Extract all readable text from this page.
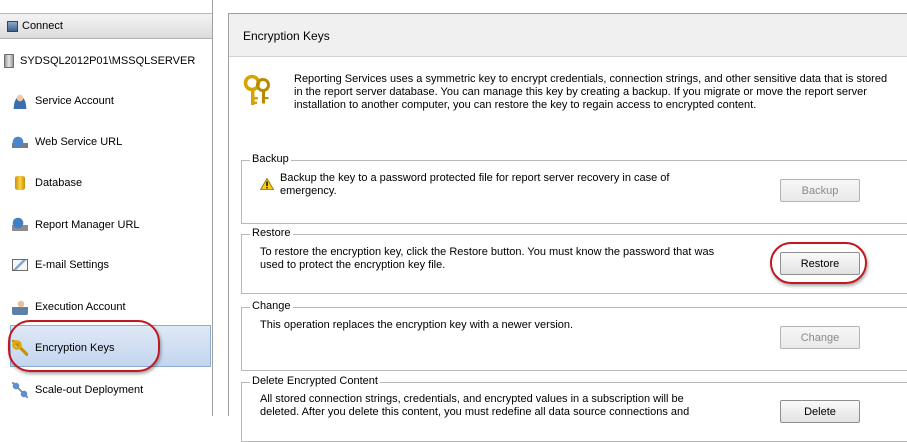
Connect
SYDSQL2012P01\MSSQLSERVER
Service Account
Web Service URL
Database
Report Manager URL
E-mail Settings
Execution Account
Encryption Keys
Scale-out Deployment
Encryption Keys
Reporting Services uses a symmetric key to encrypt credentials, connection strings, and other sensitive data that is stored in the report server database. You can manage this key by creating a backup. If you migrate or move the report server installation to another computer, you can restore the key to regain access to encrypted content.
Backup
Backup the key to a password protected file for report server recovery in case of emergency.	Backup
Restore
To restore the encryption key, click the Restore button. You must know the password that was used to protect the encryption key file.	Restore
Change
This operation replaces the encryption key with a newer version.
Change
Delete Encrypted Content
All stored connection strings, credentials, and encrypted values in a subscription will be deleted. After you delete this content, you must redefine all data source connections and	Delete
